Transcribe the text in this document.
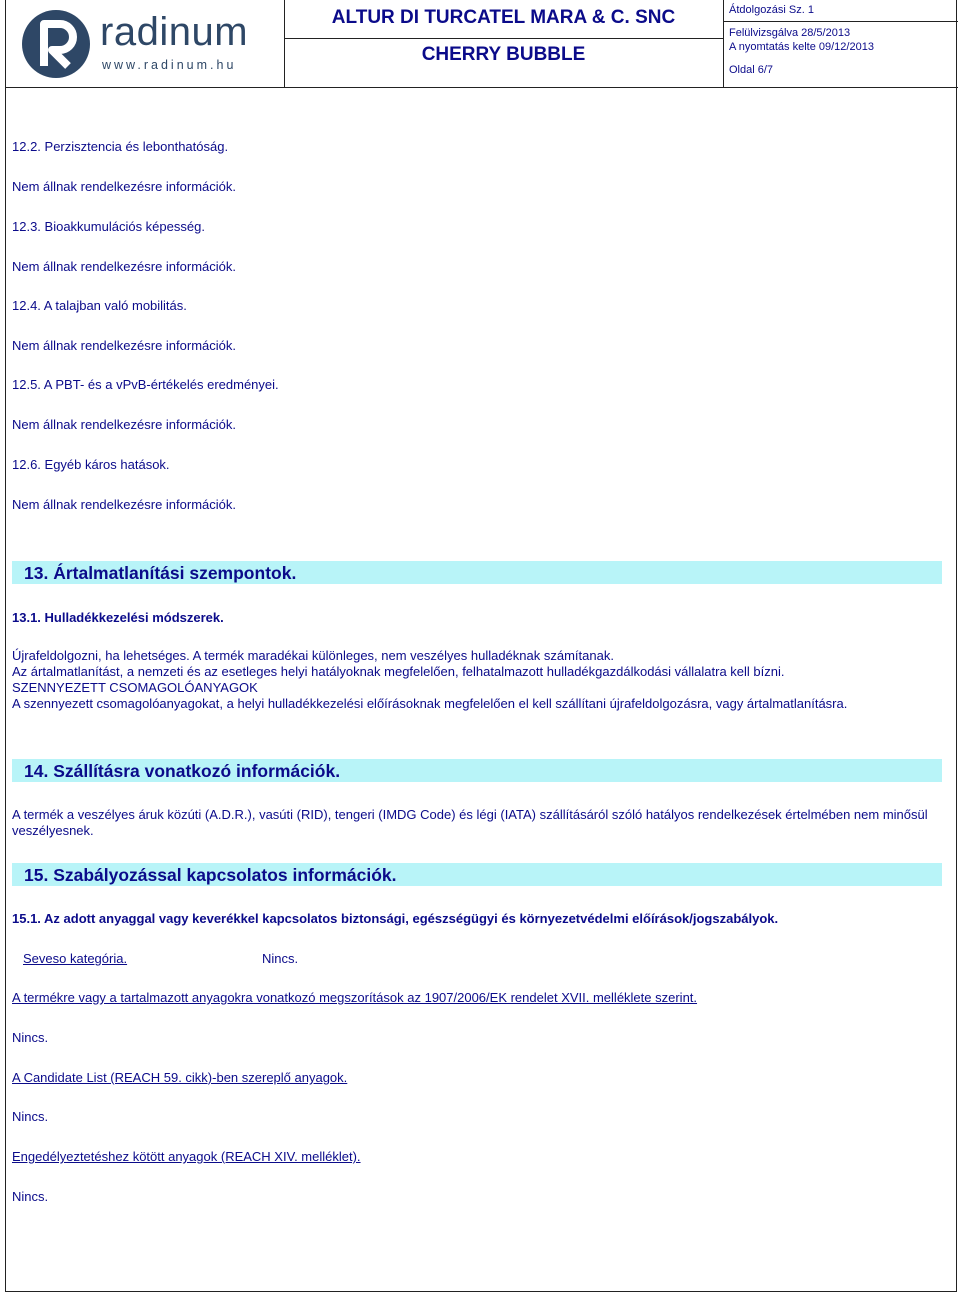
radinum
www.radinum.hu
ALTUR DI TURCATEL MARA & C. SNC
CHERRY BUBBLE
Átdolgozási Sz. 1
Felülvizsgálva 28/5/2013
A nyomtatás kelte 09/12/2013
Oldal 6/7
12.2. Perzisztencia és lebonthatóság.
Nem állnak rendelkezésre információk.
12.3. Bioakkumulációs képesség.
Nem állnak rendelkezésre információk.
12.4. A talajban való mobilitás.
Nem állnak rendelkezésre információk.
12.5. A PBT- és a vPvB-értékelés eredményei.
Nem állnak rendelkezésre információk.
12.6. Egyéb káros hatások.
Nem állnak rendelkezésre információk.
13. Ártalmatlanítási szempontok.
13.1. Hulladékkezelési módszerek.
Újrafeldolgozni, ha lehetséges. A termék maradékai különleges, nem veszélyes hulladéknak számítanak.
Az ártalmatlanítást, a nemzeti és az esetleges helyi hatályoknak megfelelően, felhatalmazott hulladékgazdálkodási vállalatra kell bízni.
SZENNYEZETT CSOMAGOLÓANYAGOK
A szennyezett csomagolóanyagokat, a helyi hulladékkezelési előírásoknak megfelelően el kell szállítani újrafeldolgozásra, vagy ártalmatlanításra.
14. Szállításra vonatkozó információk.
A termék a veszélyes áruk közúti (A.D.R.), vasúti (RID), tengeri (IMDG Code) és légi (IATA) szállításáról szóló hatályos rendelkezések értelmében nem minősül veszélyesnek.
15. Szabályozással kapcsolatos információk.
15.1. Az adott anyaggal vagy keverékkel kapcsolatos biztonsági, egészségügyi és környezetvédelmi előírások/jogszabályok.
Seveso kategória.	Nincs.
A termékre vagy a tartalmazott anyagokra vonatkozó megszorítások az 1907/2006/EK rendelet XVII. melléklete szerint.
Nincs.
A Candidate List (REACH 59. cikk)-ben szereplő anyagok.
Nincs.
Engedélyeztetéshez kötött anyagok (REACH XIV. melléklet).
Nincs.
